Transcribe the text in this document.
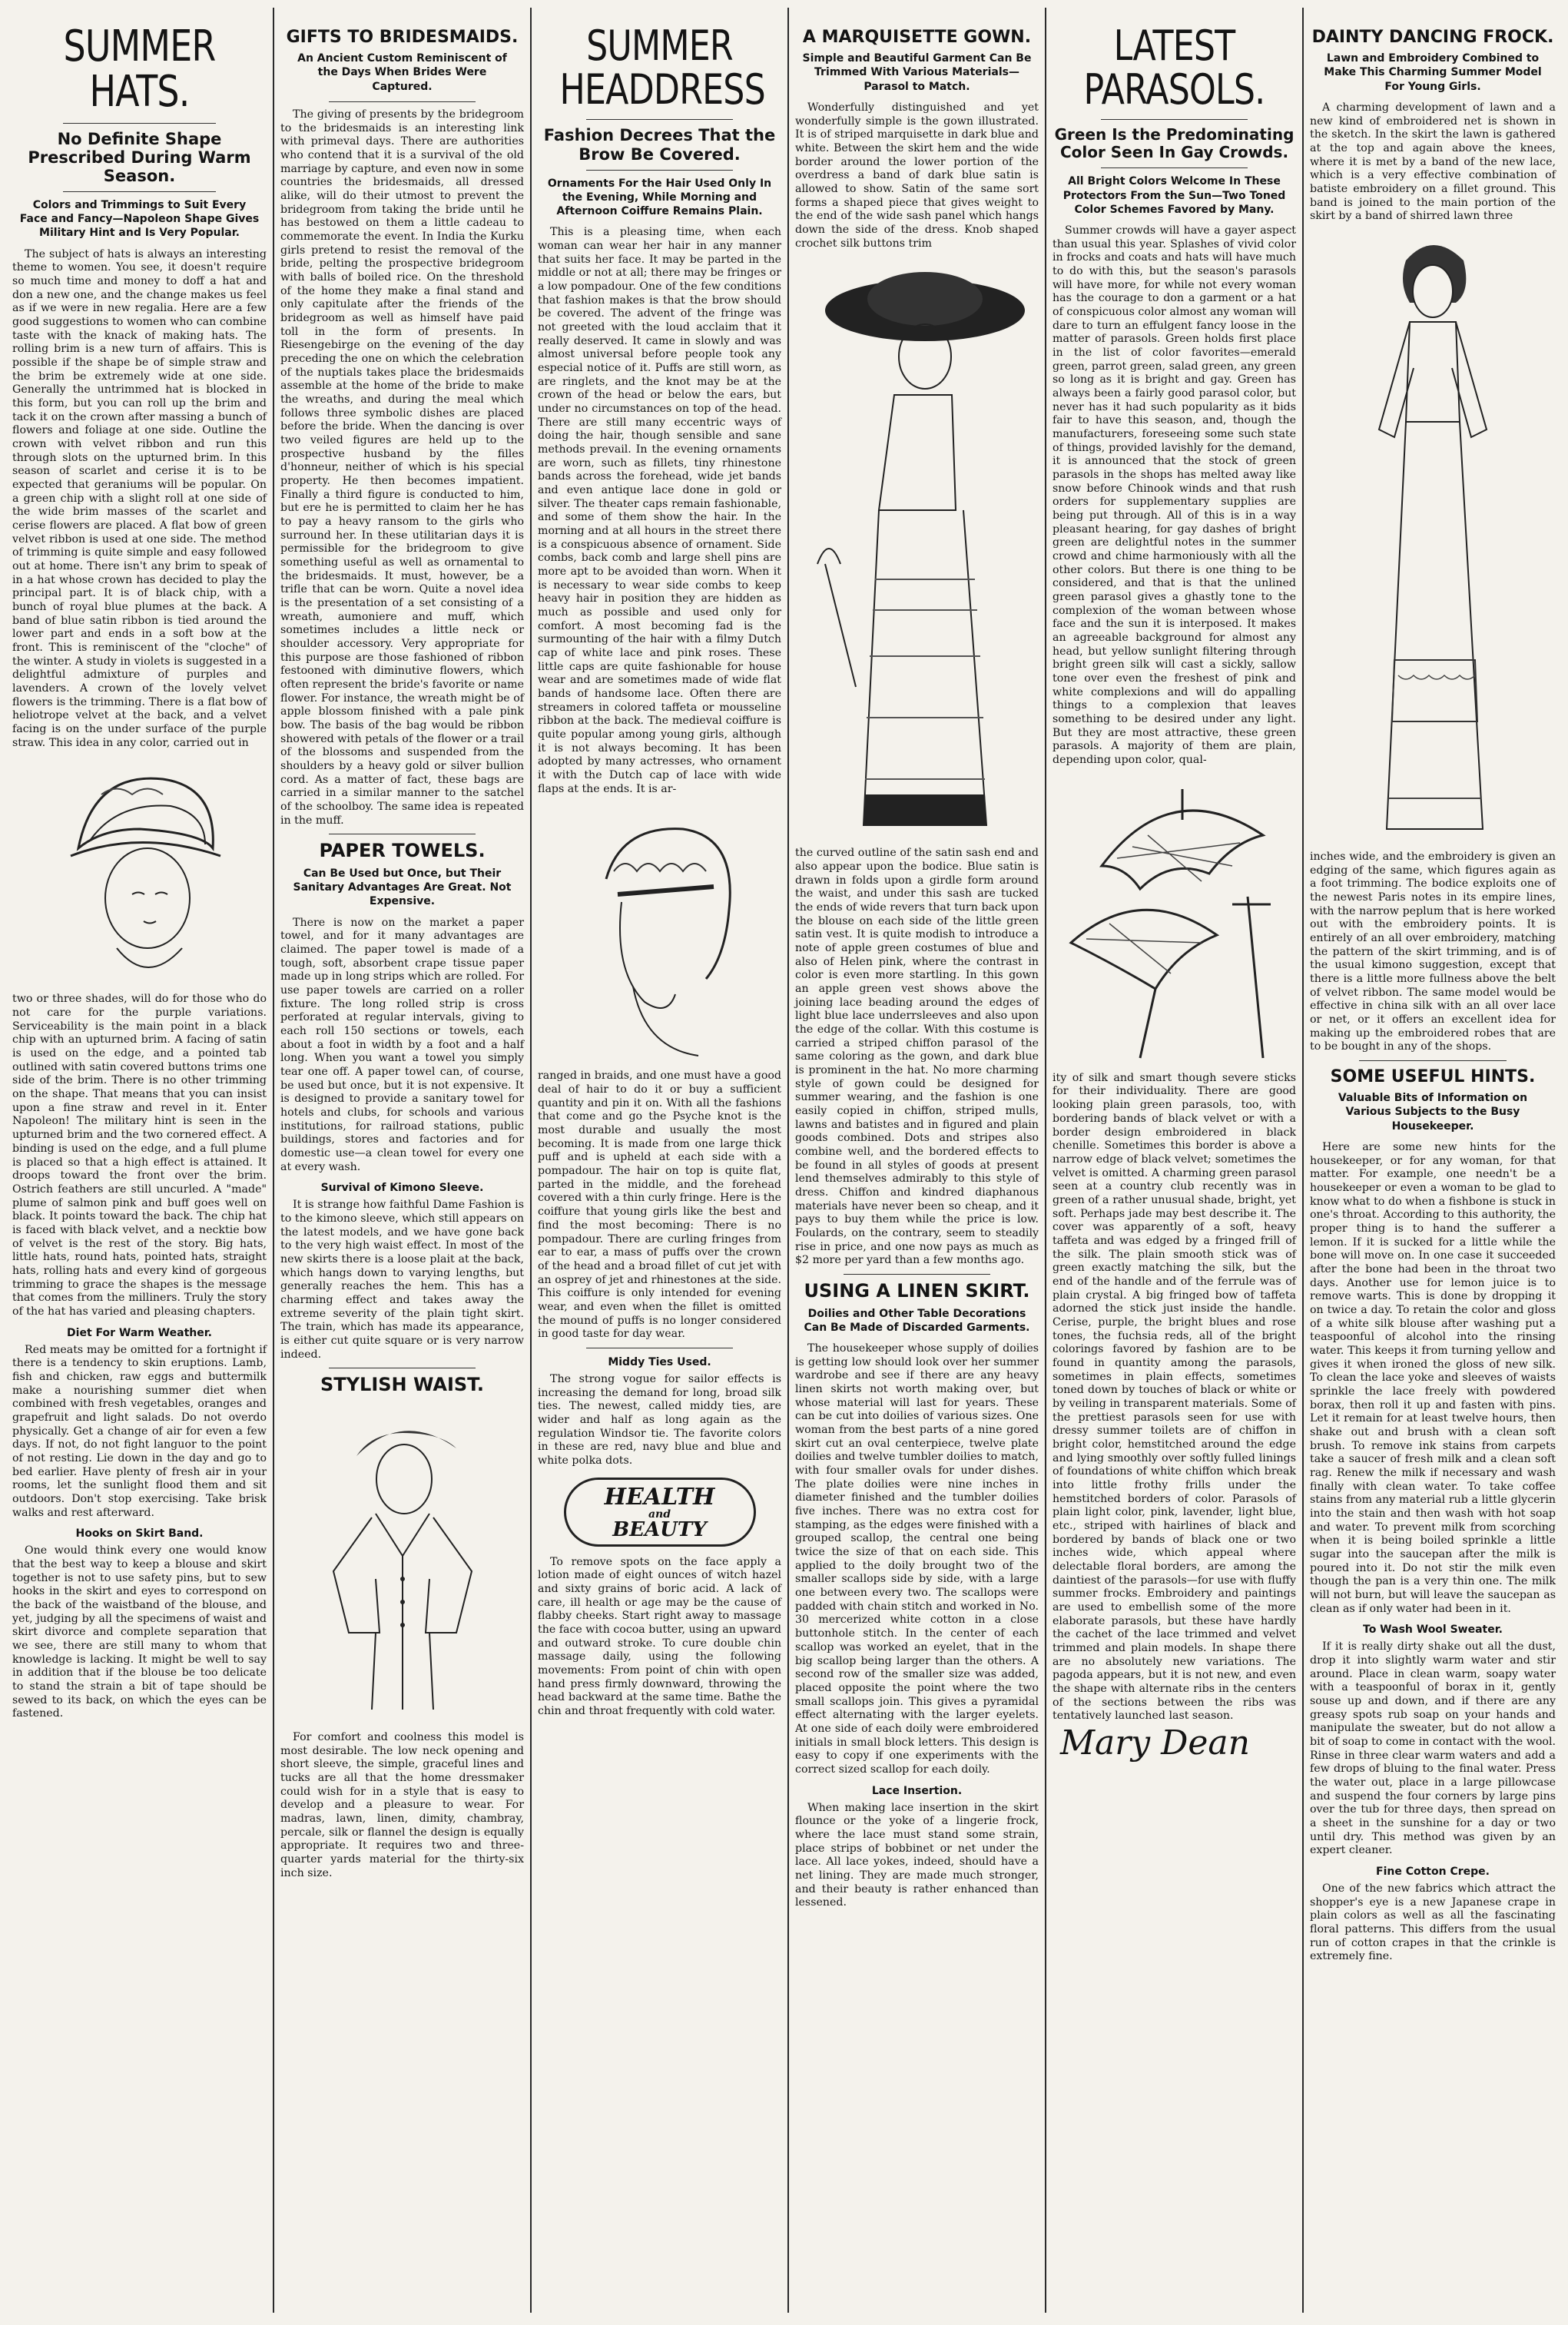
SUMMER HATS.
No Definite Shape Prescribed During Warm Season.
Colors and Trimmings to Suit Every Face and Fancy—Napoleon Shape Gives Military Hint and Is Very Popular.

The subject of hats is always an interesting theme to women. You see, it doesn't require so much time and money to doff a hat and don a new one, and the change makes us feel as if we were in new regalia. Here are a few good suggestions to women who can combine taste with the knack of making hats. The rolling brim is a new turn of affairs. This is possible if the shape be of simple straw and the brim be extremely wide at one side. Generally the untrimmed hat is blocked in this form, but you can roll up the brim and tack it on the crown after massing a bunch of flowers and foliage at one side. Outline the crown with velvet ribbon and run this through slots on the upturned brim. In this season of scarlet and cerise it is to be expected that geraniums will be popular. On a green chip with a slight roll at one side of the wide brim masses of the scarlet and cerise flowers are placed. A flat bow of green velvet ribbon is used at one side. The method of trimming is quite simple and easy followed out at home. There isn't any brim to speak of in a hat whose crown has decided to play the principal part. It is of black chip, with a bunch of royal blue plumes at the back. A band of blue satin ribbon is tied around the lower part and ends in a soft bow at the front. This is reminiscent of the "cloche" of the winter. A study in violets is suggested in a delightful admixture of purples and lavenders. A crown of the lovely velvet flowers is the trimming. There is a flat bow of heliotrope velvet at the back, and a velvet facing is on the under surface of the purple straw. This idea in any color, carried out in

two or three shades, will do for those who do not care for the purple variations. Serviceability is the main point in a black chip with an upturned brim. A facing of satin is used on the edge, and a pointed tab outlined with satin covered buttons trims one side of the brim. There is no other trimming on the shape. That means that you can insist upon a fine straw and revel in it. Enter Napoleon! The military hint is seen in the upturned brim and the two cornered effect. A binding is used on the edge, and a full plume is placed so that a high effect is attained. It droops toward the front over the brim. Ostrich feathers are still uncurled. A "made" plume of salmon pink and buff goes well on black. It points toward the back. The chip hat is faced with black velvet, and a necktie bow of velvet is the rest of the story. Big hats, little hats, round hats, pointed hats, straight hats, rolling hats and every kind of gorgeous trimming to grace the shapes is the message that comes from the milliners. Truly the story of the hat has varied and pleasing chapters.

Diet For Warm Weather.

Red meats may be omitted for a fortnight if there is a tendency to skin eruptions. Lamb, fish and chicken, raw eggs and buttermilk make a nourishing summer diet when combined with fresh vegetables, oranges and grapefruit and light salads. Do not overdo physically. Get a change of air for even a few days. If not, do not fight languor to the point of not resting. Lie down in the day and go to bed earlier. Have plenty of fresh air in your rooms, let the sunlight flood them and sit outdoors. Don't stop exercising. Take brisk walks and rest afterward.

Hooks on Skirt Band.

One would think every one would know that the best way to keep a blouse and skirt together is not to use safety pins, but to sew hooks in the skirt and eyes to correspond on the back of the waistband of the blouse, and yet, judging by all the specimens of waist and skirt divorce and complete separation that we see, there are still many to whom that knowledge is lacking. It might be well to say in addition that if the blouse be too delicate to stand the strain a bit of tape should be sewed to its back, on which the eyes can be fastened.

GIFTS TO BRIDESMAIDS.
An Ancient Custom Reminiscent of the Days When Brides Were Captured.

The giving of presents by the bridegroom to the bridesmaids is an interesting link with primeval days. There are authorities who contend that it is a survival of the old marriage by capture, and even now in some countries the bridesmaids, all dressed alike, will do their utmost to prevent the bridegroom from taking the bride until he has bestowed on them a little cadeau to commemorate the event. In India the Kurku girls pretend to resist the removal of the bride, pelting the prospective bridegroom with balls of boiled rice. On the threshold of the home they make a final stand and only capitulate after the friends of the bridegroom as well as himself have paid toll in the form of presents. In Riesengebirge on the evening of the day preceding the one on which the celebration of the nuptials takes place the bridesmaids assemble at the home of the bride to make the wreaths, and during the meal which follows three symbolic dishes are placed before the bride. When the dancing is over two veiled figures are held up to the prospective husband by the filles d'honneur, neither of which is his special property. He then becomes impatient. Finally a third figure is conducted to him, but ere he is permitted to claim her he has to pay a heavy ransom to the girls who surround her. In these utilitarian days it is permissible for the bridegroom to give something useful as well as ornamental to the bridesmaids. It must, however, be a trifle that can be worn. Quite a novel idea is the presentation of a set consisting of a wreath, aumoniere and muff, which sometimes includes a little neck or shoulder accessory. Very appropriate for this purpose are those fashioned of ribbon festooned with diminutive flowers, which often represent the bride's favorite or name flower. For instance, the wreath might be of apple blossom finished with a pale pink bow. The basis of the bag would be ribbon showered with petals of the flower or a trail of the blossoms and suspended from the shoulders by a heavy gold or silver bullion cord. As a matter of fact, these bags are carried in a similar manner to the satchel of the schoolboy. The same idea is repeated in the muff.

PAPER TOWELS.
Can Be Used but Once, but Their Sanitary Advantages Are Great. Not Expensive.

There is now on the market a paper towel, and for it many advantages are claimed. The paper towel is made of a tough, soft, absorbent crape tissue paper made up in long strips which are rolled. For use paper towels are carried on a roller fixture. The long rolled strip is cross perforated at regular intervals, giving to each roll 150 sections or towels, each about a foot in width by a foot and a half long. When you want a towel you simply tear one off. A paper towel can, of course, be used but once, but it is not expensive. It is designed to provide a sanitary towel for hotels and clubs, for schools and various institutions, for railroad stations, public buildings, stores and factories and for domestic use—a clean towel for every one at every wash.

Survival of Kimono Sleeve.

It is strange how faithful Dame Fashion is to the kimono sleeve, which still appears on the latest models, and we have gone back to the very high waist effect. In most of the new skirts there is a loose plait at the back, which hangs down to varying lengths, but generally reaches the hem. This has a charming effect and takes away the extreme severity of the plain tight skirt. The train, which has made its appearance, is either cut quite square or is very narrow indeed.

STYLISH WAIST.

For comfort and coolness this model is most desirable. The low neck opening and short sleeve, the simple, graceful lines and tucks are all that the home dressmaker could wish for in a style that is easy to develop and a pleasure to wear. For madras, lawn, linen, dimity, chambray, percale, silk or flannel the design is equally appropriate. It requires two and three-quarter yards material for the thirty-six inch size.

SUMMER HEADDRESS
Fashion Decrees That the Brow Be Covered.
Ornaments For the Hair Used Only In the Evening, While Morning and Afternoon Coiffure Remains Plain.

This is a pleasing time, when each woman can wear her hair in any manner that suits her face. It may be parted in the middle or not at all; there may be fringes or a low pompadour. One of the few conditions that fashion makes is that the brow should be covered. The advent of the fringe was not greeted with the loud acclaim that it really deserved. It came in slowly and was almost universal before people took any especial notice of it. Puffs are still worn, as are ringlets, and the knot may be at the crown of the head or below the ears, but under no circumstances on top of the head. There are still many eccentric ways of doing the hair, though sensible and sane methods prevail. In the evening ornaments are worn, such as fillets, tiny rhinestone bands across the forehead, wide jet bands and even antique lace done in gold or silver. The theater caps remain fashionable, and some of them show the hair. In the morning and at all hours in the street there is a conspicuous absence of ornament. Side combs, back comb and large shell pins are more apt to be avoided than worn. When it is necessary to wear side combs to keep heavy hair in position they are hidden as much as possible and used only for comfort. A most becoming fad is the surmounting of the hair with a filmy Dutch cap of white lace and pink roses. These little caps are quite fashionable for house wear and are sometimes made of wide flat bands of handsome lace. Often there are streamers in colored taffeta or mousseline ribbon at the back. The medieval coiffure is quite popular among young girls, although it is not always becoming. It has been adopted by many actresses, who ornament it with the Dutch cap of lace with wide flaps at the ends. It is ar-

ranged in braids, and one must have a good deal of hair to do it or buy a sufficient quantity and pin it on. With all the fashions that come and go the Psyche knot is the most durable and usually the most becoming. It is made from one large thick puff and is upheld at each side with a pompadour. The hair on top is quite flat, parted in the middle, and the forehead covered with a thin curly fringe. Here is the coiffure that young girls like the best and find the most becoming: There is no pompadour. There are curling fringes from ear to ear, a mass of puffs over the crown of the head and a broad fillet of cut jet with an osprey of jet and rhinestones at the side. This coiffure is only intended for evening wear, and even when the fillet is omitted the mound of puffs is no longer considered in good taste for day wear.

Middy Ties Used.

The strong vogue for sailor effects is increasing the demand for long, broad silk ties. The newest, called middy ties, are wider and half as long again as the regulation Windsor tie. The favorite colors in these are red, navy blue and blue and white polka dots.

HEALTH
and
BEAUTY

To remove spots on the face apply a lotion made of eight ounces of witch hazel and sixty grains of boric acid. A lack of care, ill health or age may be the cause of flabby cheeks. Start right away to massage the face with cocoa butter, using an upward and outward stroke. To cure double chin massage daily, using the following movements: From point of chin with open hand press firmly downward, throwing the head backward at the same time. Bathe the chin and throat frequently with cold water.

A MARQUISETTE GOWN.
Simple and Beautiful Garment Can Be Trimmed With Various Materials—Parasol to Match.

Wonderfully distinguished and yet wonderfully simple is the gown illustrated. It is of striped marquisette in dark blue and white. Between the skirt hem and the wide border around the lower portion of the overdress a band of dark blue satin is allowed to show. Satin of the same sort forms a shaped piece that gives weight to the end of the wide sash panel which hangs down the side of the dress. Knob shaped crochet silk buttons trim

the curved outline of the satin sash end and also appear upon the bodice. Blue satin is drawn in folds upon a girdle form around the waist, and under this sash are tucked the ends of wide revers that turn back upon the blouse on each side of the little green satin vest. It is quite modish to introduce a note of apple green costumes of blue and also of Helen pink, where the contrast in color is even more startling. In this gown an apple green vest shows above the joining lace beading around the edges of light blue lace underrsleeves and also upon the edge of the collar. With this costume is carried a striped chiffon parasol of the same coloring as the gown, and dark blue is prominent in the hat. No more charming style of gown could be designed for summer wearing, and the fashion is one easily copied in chiffon, striped mulls, lawns and batistes and in figured and plain goods combined. Dots and stripes also combine well, and the bordered effects to be found in all styles of goods at present lend themselves admirably to this style of dress. Chiffon and kindred diaphanous materials have never been so cheap, and it pays to buy them while the price is low. Foulards, on the contrary, seem to steadily rise in price, and one now pays as much as $2 more per yard than a few months ago.

USING A LINEN SKIRT.
Doilies and Other Table Decorations Can Be Made of Discarded Garments.

The housekeeper whose supply of doilies is getting low should look over her summer wardrobe and see if there are any heavy linen skirts not worth making over, but whose material will last for years. These can be cut into doilies of various sizes. One woman from the best parts of a nine gored skirt cut an oval centerpiece, twelve plate doilies and twelve tumbler doilies to match, with four smaller ovals for under dishes. The plate doilies were nine inches in diameter finished and the tumbler doilies five inches. There was no extra cost for stamping, as the edges were finished with a grouped scallop, the central one being twice the size of that on each side. This applied to the doily brought two of the smaller scallops side by side, with a large one between every two. The scallops were padded with chain stitch and worked in No. 30 mercerized white cotton in a close buttonhole stitch. In the center of each scallop was worked an eyelet, that in the big scallop being larger than the others. A second row of the smaller size was added, placed opposite the point where the two small scallops join. This gives a pyramidal effect alternating with the larger eyelets. At one side of each doily were embroidered initials in small block letters. This design is easy to copy if one experiments with the correct sized scallop for each doily.

Lace Insertion.

When making lace insertion in the skirt flounce or the yoke of a lingerie frock, where the lace must stand some strain, place strips of bobbinet or net under the lace. All lace yokes, indeed, should have a net lining. They are made much stronger, and their beauty is rather enhanced than lessened.

LATEST PARASOLS.
Green Is the Predominating Color Seen In Gay Crowds.
All Bright Colors Welcome In These Protectors From the Sun—Two Toned Color Schemes Favored by Many.

Summer crowds will have a gayer aspect than usual this year. Splashes of vivid color in frocks and coats and hats will have much to do with this, but the season's parasols will have more, for while not every woman has the courage to don a garment or a hat of conspicuous color almost any woman will dare to turn an effulgent fancy loose in the matter of parasols. Green holds first place in the list of color favorites—emerald green, parrot green, salad green, any green so long as it is bright and gay. Green has always been a fairly good parasol color, but never has it had such popularity as it bids fair to have this season, and, though the manufacturers, foreseeing some such state of things, provided lavishly for the demand, it is announced that the stock of green parasols in the shops has melted away like snow before Chinook winds and that rush orders for supplementary supplies are being put through. All of this is in a way pleasant hearing, for gay dashes of bright green are delightful notes in the summer crowd and chime harmoniously with all the other colors. But there is one thing to be considered, and that is that the unlined green parasol gives a ghastly tone to the complexion of the woman between whose face and the sun it is interposed. It makes an agreeable background for almost any head, but yellow sunlight filtering through bright green silk will cast a sickly, sallow tone over even the freshest of pink and white complexions and will do appalling things to a complexion that leaves something to be desired under any light. But they are most attractive, these green parasols. A majority of them are plain, depending upon color, qual-

ity of silk and smart though severe sticks for their individuality. There are good looking plain green parasols, too, with bordering bands of black velvet or with a border design embroidered in black chenille. Sometimes this border is above a narrow edge of black velvet; sometimes the velvet is omitted. A charming green parasol seen at a country club recently was in green of a rather unusual shade, bright, yet soft. Perhaps jade may best describe it. The cover was apparently of a soft, heavy taffeta and was edged by a fringed frill of the silk. The plain smooth stick was of green exactly matching the silk, but the end of the handle and of the ferrule was of plain crystal. A big fringed bow of taffeta adorned the stick just inside the handle. Cerise, purple, the bright blues and rose tones, the fuchsia reds, all of the bright colorings favored by fashion are to be found in quantity among the parasols, sometimes in plain effects, sometimes toned down by touches of black or white or by veiling in transparent materials. Some of the prettiest parasols seen for use with dressy summer toilets are of chiffon in bright color, hemstitched around the edge and lying smoothly over softly fulled linings of foundations of white chiffon which break into little frothy frills under the hemstitched borders of color. Parasols of plain light color, pink, lavender, light blue, etc., striped with hairlines of black and bordered by bands of black one or two inches wide, which appeal where delectable floral borders, are among the daintiest of the parasols—for use with fluffy summer frocks. Embroidery and paintings are used to embellish some of the more elaborate parasols, but these have hardly the cachet of the lace trimmed and velvet trimmed and plain models. In shape there are no absolutely new variations. The pagoda appears, but it is not new, and even the shape with alternate ribs in the centers of the sections between the ribs was tentatively launched last season.

Mary Dean
DAINTY DANCING FROCK.
Lawn and Embroidery Combined to Make This Charming Summer Model For Young Girls.

A charming development of lawn and a new kind of embroidered net is shown in the sketch. In the skirt the lawn is gathered at the top and again above the knees, where it is met by a band of the new lace, which is a very effective combination of batiste embroidery on a fillet ground. This band is joined to the main portion of the skirt by a band of shirred lawn three

inches wide, and the embroidery is given an edging of the same, which figures again as a foot trimming. The bodice exploits one of the newest Paris notes in its empire lines, with the narrow peplum that is here worked out with the embroidery points. It is entirely of an all over embroidery, matching the pattern of the skirt trimming, and is of the usual kimono suggestion, except that there is a little more fullness above the belt of velvet ribbon. The same model would be effective in china silk with an all over lace or net, or it offers an excellent idea for making up the embroidered robes that are to be bought in any of the shops.

SOME USEFUL HINTS.
Valuable Bits of Information on Various Subjects to the Busy Housekeeper.

Here are some new hints for the housekeeper, or for any woman, for that matter. For example, one needn't be a housekeeper or even a woman to be glad to know what to do when a fishbone is stuck in one's throat. According to this authority, the proper thing is to hand the sufferer a lemon. If it is sucked for a little while the bone will move on. In one case it succeeded after the bone had been in the throat two days. Another use for lemon juice is to remove warts. This is done by dropping it on twice a day. To retain the color and gloss of a white silk blouse after washing put a teaspoonful of alcohol into the rinsing water. This keeps it from turning yellow and gives it when ironed the gloss of new silk. To clean the lace yoke and sleeves of waists sprinkle the lace freely with powdered borax, then roll it up and fasten with pins. Let it remain for at least twelve hours, then shake out and brush with a clean soft brush. To remove ink stains from carpets take a saucer of fresh milk and a clean soft rag. Renew the milk if necessary and wash finally with clean water. To take coffee stains from any material rub a little glycerin into the stain and then wash with hot soap and water. To prevent milk from scorching when it is being boiled sprinkle a little sugar into the saucepan after the milk is poured into it. Do not stir the milk even though the pan is a very thin one. The milk will not burn, but will leave the saucepan as clean as if only water had been in it.

To Wash Wool Sweater.

If it is really dirty shake out all the dust, drop it into slightly warm water and stir around. Place in clean warm, soapy water with a teaspoonful of borax in it, gently souse up and down, and if there are any greasy spots rub soap on your hands and manipulate the sweater, but do not allow a bit of soap to come in contact with the wool. Rinse in three clear warm waters and add a few drops of bluing to the final water. Press the water out, place in a large pillowcase and suspend the four corners by large pins over the tub for three days, then spread on a sheet in the sunshine for a day or two until dry. This method was given by an expert cleaner.

Fine Cotton Crepe.

One of the new fabrics which attract the shopper's eye is a new Japanese crape in plain colors as well as all the fascinating floral patterns. This differs from the usual run of cotton crapes in that the crinkle is extremely fine.
